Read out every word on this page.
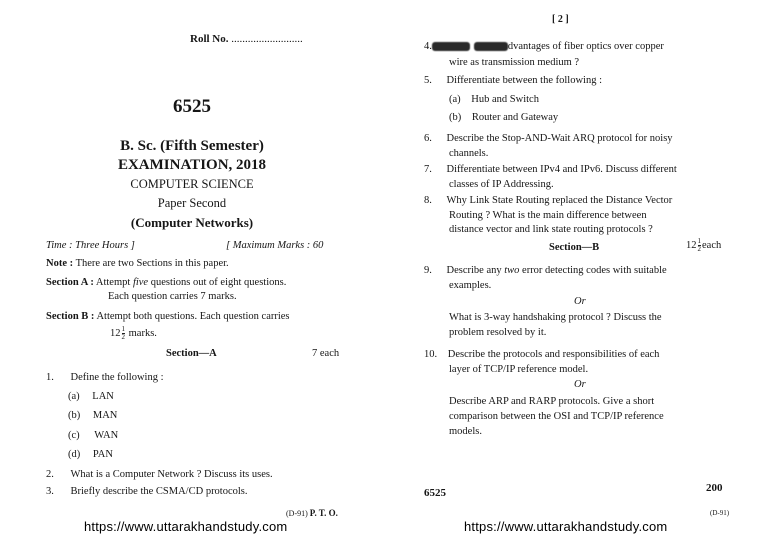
Roll No. ..........................
6525
B. Sc. (Fifth Semester)
EXAMINATION, 2018
COMPUTER SCIENCE
Paper Second
(Computer Networks)
Time : Three Hours ]	[ Maximum Marks : 60
Note : There are two Sections in this paper.
Section A : Attempt five questions out of eight questions.
Each question carries 7 marks.
Section B : Attempt both questions. Each question carries
$12 \frac{1}{2}$ marks.
Section—A	7 each
1. Define the following :
(a) LAN
(b) MAN
(c) WAN
(d) PAN
2. What is a Computer Network ? Discuss its uses.
3. Briefly describe the CSMA/CD protocols.
(D-91) P. T. O.
https://www.uttarakhandstudy.com
[ 2 ]
4.	dvantages of fiber optics over copper
wire as transmission medium ?
5. Differentiate between the following :
(a) Hub and Switch
(b) Router and Gateway
6. Describe the Stop-AND-Wait ARQ protocol for noisy
channels.
7. Differentiate between IPv4 and IPv6. Discuss different
classes of IP Addressing.
8. Why Link State Routing replaced the Distance Vector
Routing ? What is the main difference between
distance vector and link state routing protocols ?
Section—B	$12 \frac{1}{2}$ each
9. Describe any two error detecting codes with suitable
examples.
Or
What is 3-way handshaking protocol ? Discuss the
problem resolved by it.
10. Describe the protocols and responsibilities of each
layer of TCP/IP reference model.
Or
Describe ARP and RARP protocols. Give a short
comparison between the OSI and TCP/IP reference
models.
6525	200
(D-91)
https://www.uttarakhandstudy.com
